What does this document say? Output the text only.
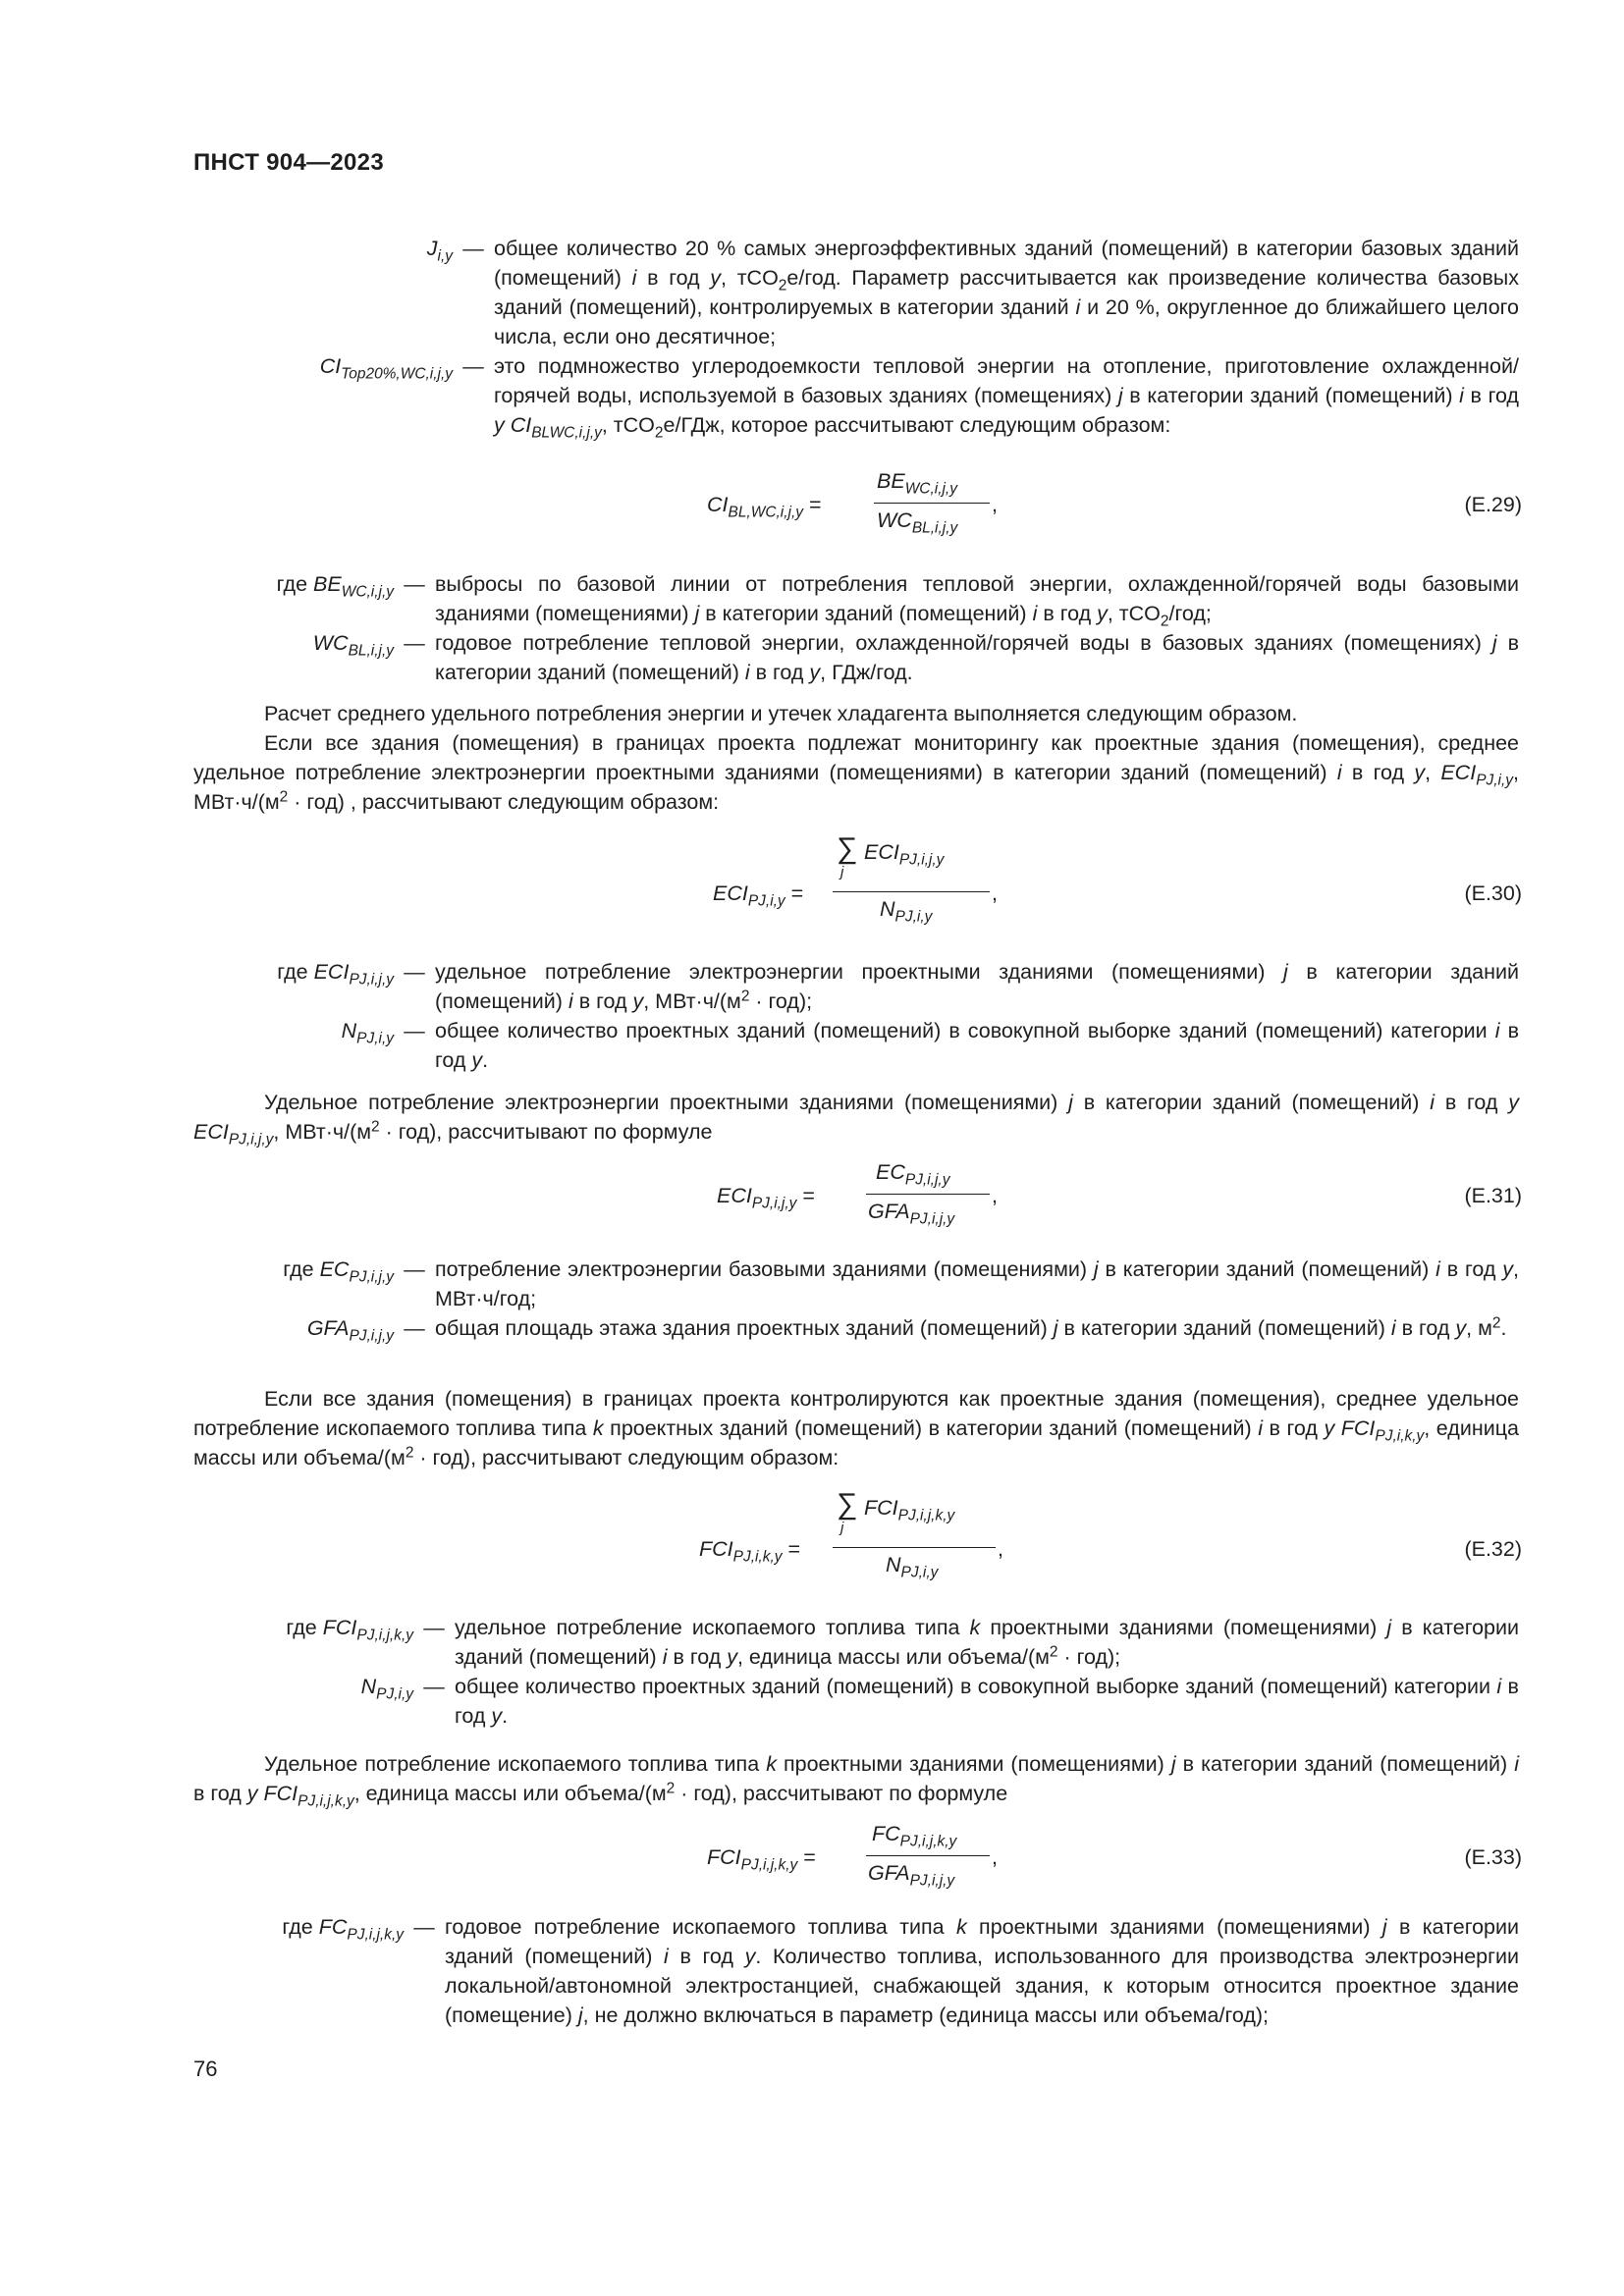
ПНСТ 904—2023
$J_{i,y}$ — общее количество 20 % самых энергоэффективных зданий (помещений) в категории базовых зданий (помещений) i в год y, тCO$_2$е/год. Параметр рассчитывается как произведение количества базовых зданий (помещений), контролируемых в категории зданий i и 20 %, округленное до ближайшего целого числа, если оно десятичное;
$CI_{Top20\%,WC,i,j,y}$ — это подмножество углеродоемкости тепловой энергии на отопление, приготовление охлажденной/горячей воды, используемой в базовых зданиях (помещениях) j в категории зданий (помещений) i в год y $CI_{BLWC,i,j,y}$, тCO$_2$е/ГДж, которое рассчитывают следующим образом:
$CI_{BL,WC,i,j,y}$ =
$BE_{WC,i,j,y}$
$WC_{BL,i,j,y}$
,	(Е.29)
где $BE_{WC,i,j,y}$ — выбросы по базовой линии от потребления тепловой энергии, охлажденной/горячей воды базовыми зданиями (помещениями) j в категории зданий (помещений) i в год y, тCO$_2$/год;
$WC_{BL,i,j,y}$ — годовое потребление тепловой энергии, охлажденной/горячей воды в базовых зданиях (помещениях) j в категории зданий (помещений) i в год y, ГДж/год.

Расчет среднего удельного потребления энергии и утечек хладагента выполняется следующим образом.

Если все здания (помещения) в границах проекта подлежат мониторингу как проектные здания (помещения), среднее удельное потребление электроэнергии проектными зданиями (помещениями) в категории зданий (помещений) i в год y, $ECI_{PJ,i,y}$, $МВт\cdot ч/(м^2 \cdot год)$ , рассчитывают следующим образом:

$ECI_{PJ,i,y}$ =
∑
j
$ECI_{PJ,i,j,y}$
$N_{PJ,i,y}$
,	(Е.30)
где $ECI_{PJ,i,j,y}$ — удельное потребление электроэнергии проектными зданиями (помещениями) j в категории зданий (помещений) i в год y, $МВт\cdot ч/(м^2 \cdot год)$;
$N_{PJ,i,y}$ — общее количество проектных зданий (помещений) в совокупной выборке зданий (помещений) категории i в год y.

Удельное потребление электроэнергии проектными зданиями (помещениями) j в категории зданий (помещений) i в год y $ECI_{PJ,i,j,y}$, $МВт\cdot ч/(м^2 \cdot год)$, рассчитывают по формуле

$ECI_{PJ,i,j,y}$ =
$EC_{PJ,i,j,y}$
$GFA_{PJ,i,j,y}$
,	(Е.31)
где $EC_{PJ,i,j,y}$ — потребление электроэнергии базовыми зданиями (помещениями) j в категории зданий (помещений) i в год y, МВт·ч/год;
$GFA_{PJ,i,j,y}$ — общая площадь этажа здания проектных зданий (помещений) j в категории зданий (помещений) i в год y, $м^2$.

Если все здания (помещения) в границах проекта контролируются как проектные здания (помещения), среднее удельное потребление ископаемого топлива типа k проектных зданий (помещений) в категории зданий (помещений) i в год y $FCI_{PJ,i,k,y}$, единица массы или объема/$(м^2 \cdot год)$, рассчитывают следующим образом:

$FCI_{PJ,i,k,y}$ =
∑
j
$FCI_{PJ,i,j,k,y}$
$N_{PJ,i,y}$
,	(Е.32)
где $FCI_{PJ,i,j,k,y}$ — удельное потребление ископаемого топлива типа k проектными зданиями (помещениями) j в категории зданий (помещений) i в год y, единица массы или объема/$(м^2 \cdot год)$;
$N_{PJ,i,y}$ — общее количество проектных зданий (помещений) в совокупной выборке зданий (помещений) категории i в год y.

Удельное потребление ископаемого топлива типа k проектными зданиями (помещениями) j в категории зданий (помещений) i в год y $FCI_{PJ,i,j,k,y}$, единица массы или объема/$(м^2 \cdot год)$, рассчитывают по формуле

$FCI_{PJ,i,j,k,y}$ =
$FC_{PJ,i,j,k,y}$
$GFA_{PJ,i,j,y}$
,	(Е.33)
где $FC_{PJ,i,j,k,y}$ — годовое потребление ископаемого топлива типа k проектными зданиями (помещениями) j в категории зданий (помещений) i в год y. Количество топлива, использованного для производства электроэнергии локальной/автономной электростанцией, снабжающей здания, к которым относится проектное здание (помещение) j, не должно включаться в параметр (единица массы или объема/год);
76
